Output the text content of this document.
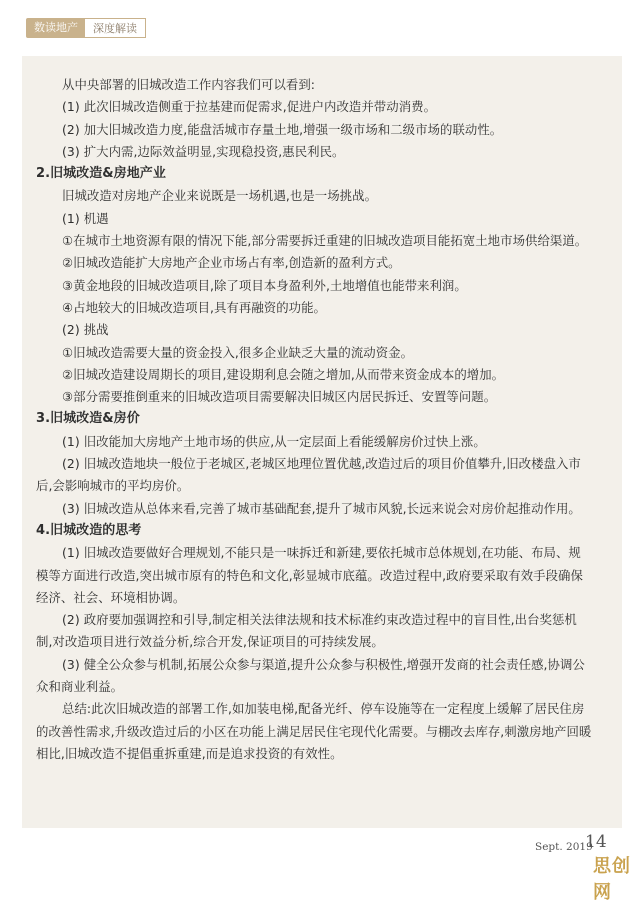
数读地产	深度解读

从中央部署的旧城改造工作内容我们可以看到:

(1) 此次旧城改造侧重于拉基建而促需求,促进户内改造并带动消费。

(2) 加大旧城改造力度,能盘活城市存量土地,增强一级市场和二级市场的联动性。

(3) 扩大内需,边际效益明显,实现稳投资,惠民利民。

2.旧城改造&房地产业

旧城改造对房地产企业来说既是一场机遇,也是一场挑战。

(1) 机遇

①在城市土地资源有限的情况下能,部分需要拆迁重建的旧城改造项目能拓宽土地市场供给渠道。

②旧城改造能扩大房地产企业市场占有率,创造新的盈利方式。

③黄金地段的旧城改造项目,除了项目本身盈利外,土地增值也能带来利润。

④占地较大的旧城改造项目,具有再融资的功能。

(2) 挑战

①旧城改造需要大量的资金投入,很多企业缺乏大量的流动资金。

②旧城改造建设周期长的项目,建设期利息会随之增加,从而带来资金成本的增加。

③部分需要推倒重来的旧城改造项目需要解决旧城区内居民拆迁、安置等问题。

3.旧城改造&房价

(1) 旧改能加大房地产土地市场的供应,从一定层面上看能缓解房价过快上涨。

(2) 旧城改造地块一般位于老城区,老城区地理位置优越,改造过后的项目价值攀升,旧改楼盘入市后,会影响城市的平均房价。

(3) 旧城改造从总体来看,完善了城市基础配套,提升了城市风貌,长远来说会对房价起推动作用。

4.旧城改造的思考

(1) 旧城改造要做好合理规划,不能只是一味拆迁和新建,要依托城市总体规划,在功能、布局、规模等方面进行改造,突出城市原有的特色和文化,彰显城市底蕴。改造过程中,政府要采取有效手段确保经济、社会、环境相协调。

(2) 政府要加强调控和引导,制定相关法律法规和技术标准约束改造过程中的盲目性,出台奖惩机制,对改造项目进行效益分析,综合开发,保证项目的可持续发展。

(3) 健全公众参与机制,拓展公众参与渠道,提升公众参与积极性,增强开发商的社会责任感,协调公众和商业利益。

总结:此次旧城改造的部署工作,如加装电梯,配备光纤、停车设施等在一定程度上缓解了居民住房的改善性需求,升级改造过后的小区在功能上满足居民住宅现代化需要。与棚改去库存,刺激房地产回暖相比,旧城改造不提倡重拆重建,而是追求投资的有效性。

Sept. 2019
14
思创网
